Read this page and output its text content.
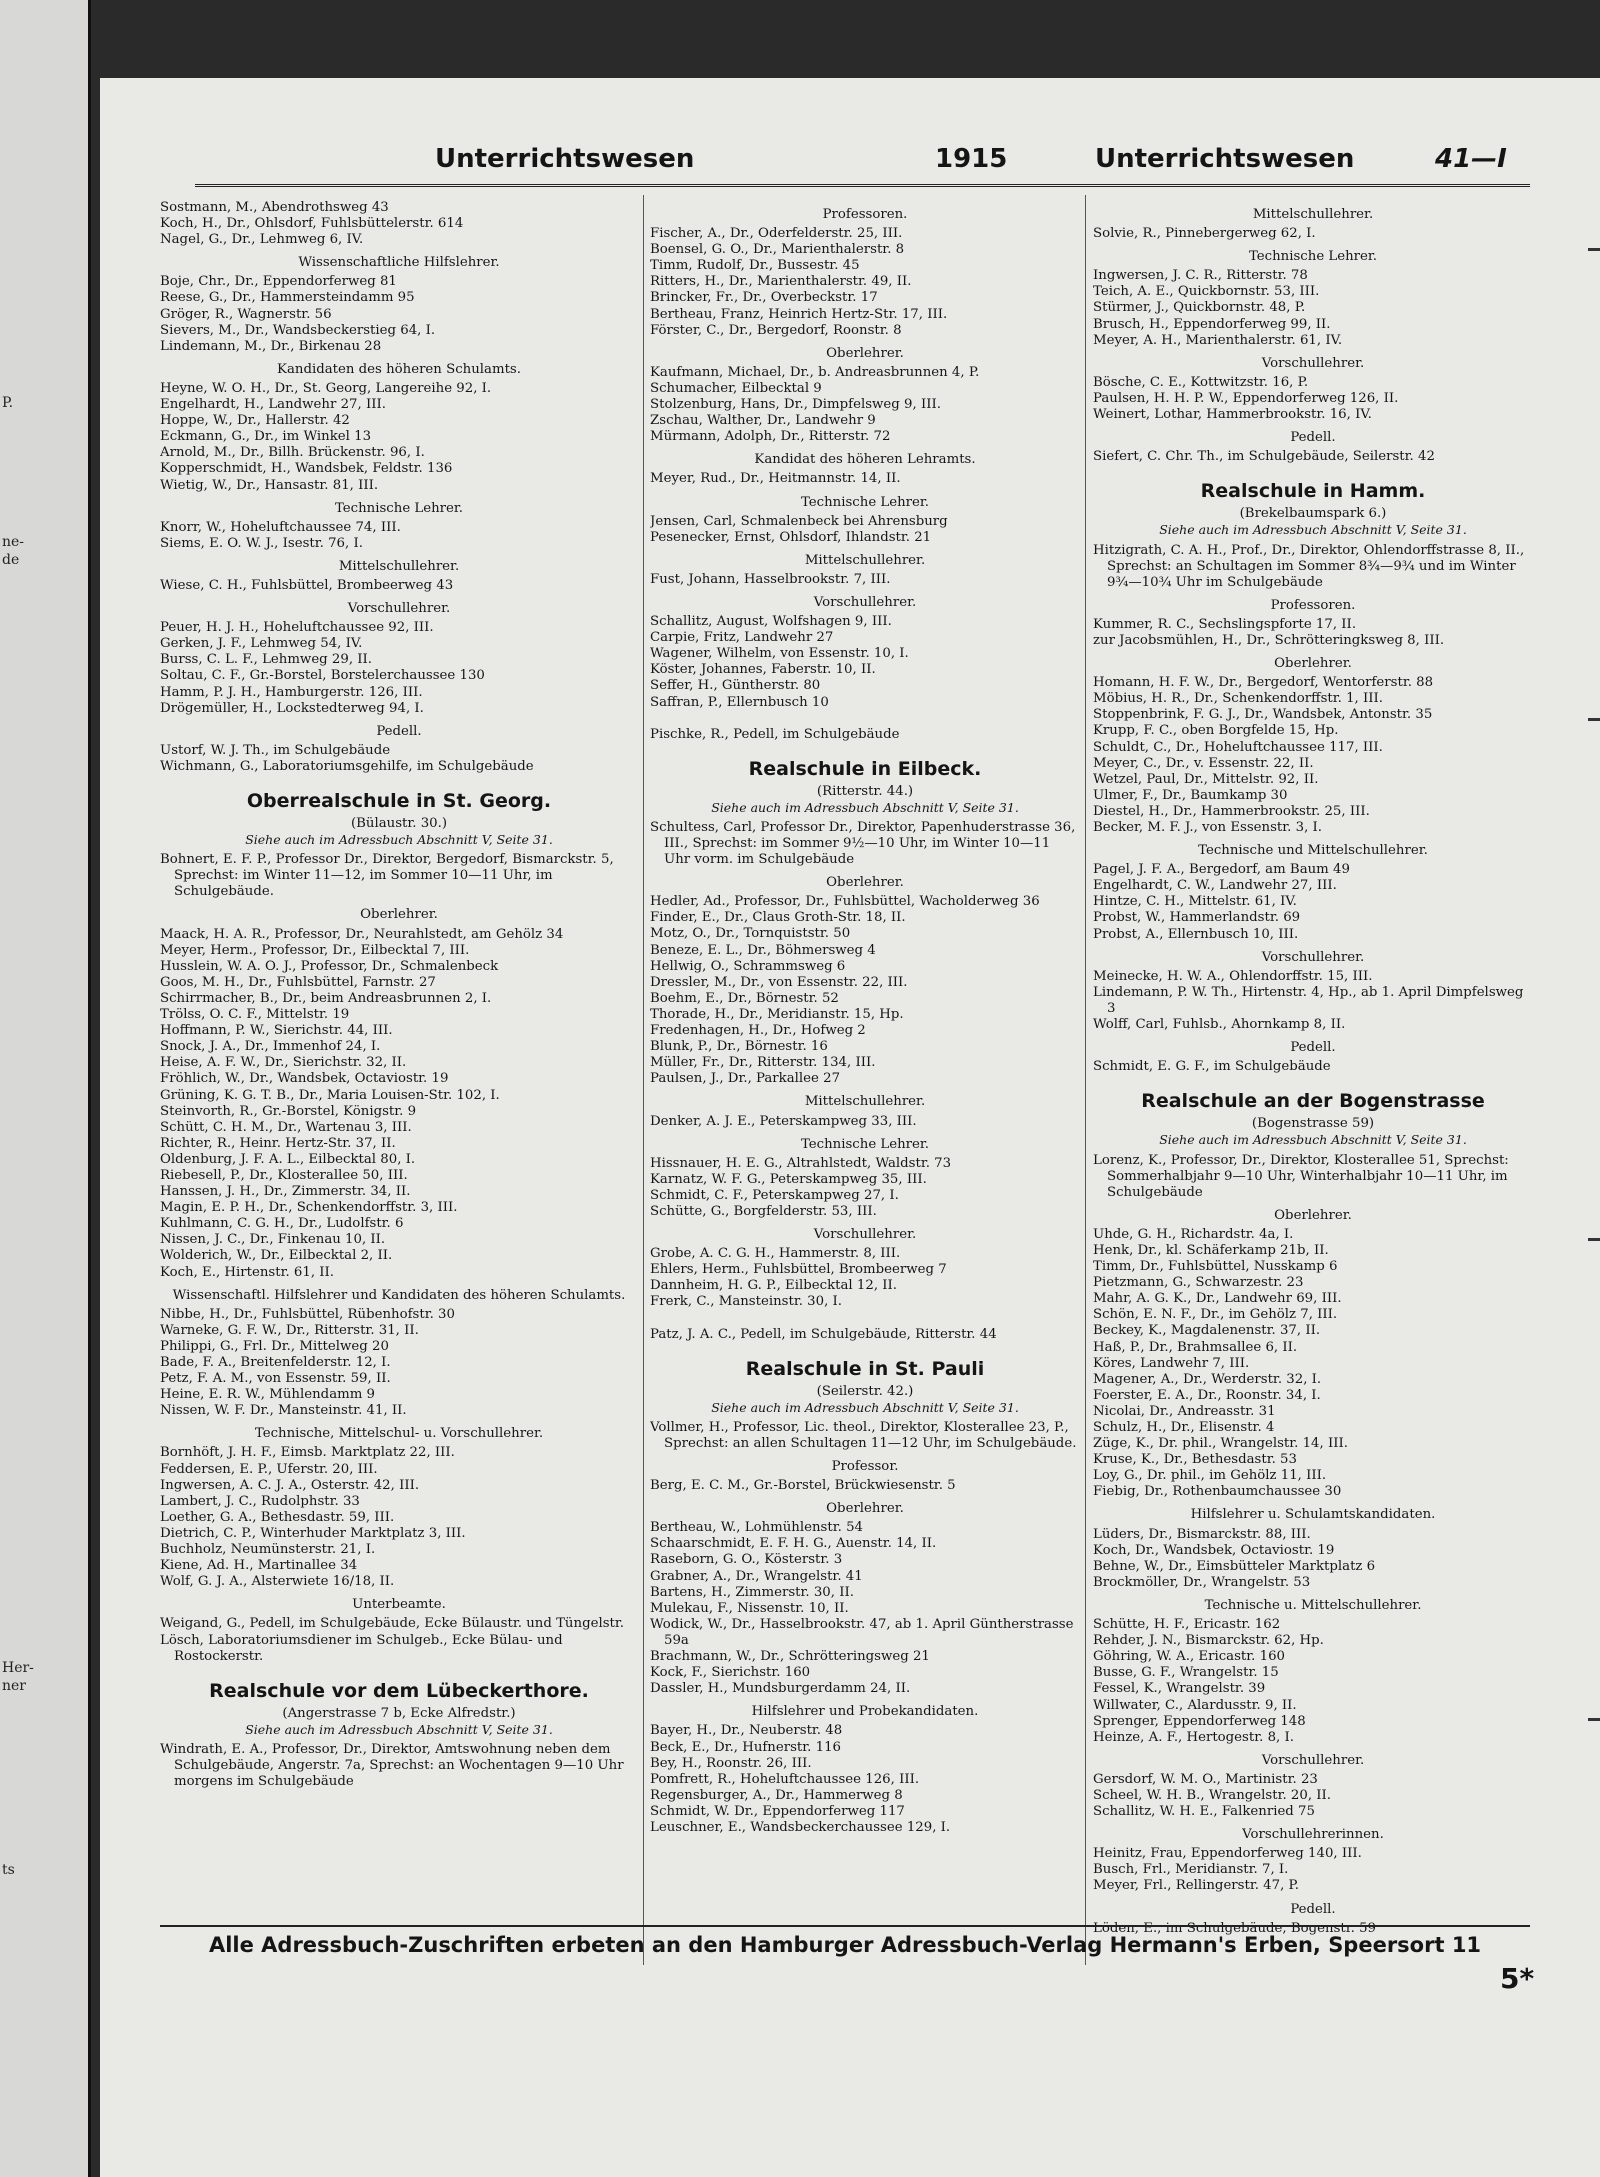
P.
ne-
de
Her-
ner
ts
Unterrichtswesen	1915	Unterrichtswesen	41—I
Sostmann, M., Abendrothsweg 43
Koch, H., Dr., Ohlsdorf, Fuhlsbüttelerstr. 614
Nagel, G., Dr., Lehmweg 6, IV.
Wissenschaftliche Hilfslehrer.
Boje, Chr., Dr., Eppendorferweg 81
Reese, G., Dr., Hammersteindamm 95
Gröger, R., Wagnerstr. 56
Sievers, M., Dr., Wandsbeckerstieg 64, I.
Lindemann, M., Dr., Birkenau 28
Kandidaten des höheren Schulamts.
Heyne, W. O. H., Dr., St. Georg, Langereihe 92, I.
Engelhardt, H., Landwehr 27, III.
Hoppe, W., Dr., Hallerstr. 42
Eckmann, G., Dr., im Winkel 13
Arnold, M., Dr., Billh. Brückenstr. 96, I.
Kopperschmidt, H., Wandsbek, Feldstr. 136
Wietig, W., Dr., Hansastr. 81, III.
Technische Lehrer.
Knorr, W., Hoheluftchaussee 74, III.
Siems, E. O. W. J., Isestr. 76, I.
Mittelschullehrer.
Wiese, C. H., Fuhlsbüttel, Brombeerweg 43
Vorschullehrer.
Peuer, H. J. H., Hoheluftchaussee 92, III.
Gerken, J. F., Lehmweg 54, IV.
Burss, C. L. F., Lehmweg 29, II.
Soltau, C. F., Gr.-Borstel, Borstelerchaussee 130
Hamm, P. J. H., Hamburgerstr. 126, III.
Drögemüller, H., Lockstedterweg 94, I.
Pedell.
Ustorf, W. J. Th., im Schulgebäude
Wichmann, G., Laboratoriumsgehilfe, im Schulgebäude
Oberrealschule in St. Georg.
(Bülaustr. 30.)
Siehe auch im Adressbuch Abschnitt V, Seite 31.
Bohnert, E. F. P., Professor Dr., Direktor, Bergedorf, Bismarckstr. 5, Sprechst: im Winter 11—12, im Sommer 10—11 Uhr, im Schulgebäude.
Oberlehrer.
Maack, H. A. R., Professor, Dr., Neurahlstedt, am Gehölz 34
Meyer, Herm., Professor, Dr., Eilbecktal 7, III.
Husslein, W. A. O. J., Professor, Dr., Schmalenbeck
Goos, M. H., Dr., Fuhlsbüttel, Farnstr. 27
Schirrmacher, B., Dr., beim Andreasbrunnen 2, I.
Trölss, O. C. F., Mittelstr. 19
Hoffmann, P. W., Sierichstr. 44, III.
Snock, J. A., Dr., Immenhof 24, I.
Heise, A. F. W., Dr., Sierichstr. 32, II.
Fröhlich, W., Dr., Wandsbek, Octaviostr. 19
Grüning, K. G. T. B., Dr., Maria Louisen-Str. 102, I.
Steinvorth, R., Gr.-Borstel, Königstr. 9
Schütt, C. H. M., Dr., Wartenau 3, III.
Richter, R., Heinr. Hertz-Str. 37, II.
Oldenburg, J. F. A. L., Eilbecktal 80, I.
Riebesell, P., Dr., Klosterallee 50, III.
Hanssen, J. H., Dr., Zimmerstr. 34, II.
Magin, E. P. H., Dr., Schenkendorffstr. 3, III.
Kuhlmann, C. G. H., Dr., Ludolfstr. 6
Nissen, J. C., Dr., Finkenau 10, II.
Wolderich, W., Dr., Eilbecktal 2, II.
Koch, E., Hirtenstr. 61, II.
Wissenschaftl. Hilfslehrer und Kandidaten des höheren Schulamts.
Nibbe, H., Dr., Fuhlsbüttel, Rübenhofstr. 30
Warneke, G. F. W., Dr., Ritterstr. 31, II.
Philippi, G., Frl. Dr., Mittelweg 20
Bade, F. A., Breitenfelderstr. 12, I.
Petz, F. A. M., von Essenstr. 59, II.
Heine, E. R. W., Mühlendamm 9
Nissen, W. F. Dr., Mansteinstr. 41, II.
Technische, Mittelschul- u. Vorschullehrer.
Bornhöft, J. H. F., Eimsb. Marktplatz 22, III.
Feddersen, E. P., Uferstr. 20, III.
Ingwersen, A. C. J. A., Osterstr. 42, III.
Lambert, J. C., Rudolphstr. 33
Loether, G. A., Bethesdastr. 59, III.
Dietrich, C. P., Winterhuder Marktplatz 3, III.
Buchholz, Neumünsterstr. 21, I.
Kiene, Ad. H., Martinallee 34
Wolf, G. J. A., Alsterwiete 16/18, II.
Unterbeamte.
Weigand, G., Pedell, im Schulgebäude, Ecke Bülaustr. und Tüngelstr.
Lösch, Laboratoriumsdiener im Schulgeb., Ecke Bülau- und Rostockerstr.
Realschule vor dem Lübeckerthore.
(Angerstrasse 7 b, Ecke Alfredstr.)
Siehe auch im Adressbuch Abschnitt V, Seite 31.
Windrath, E. A., Professor, Dr., Direktor, Amtswohnung neben dem Schulgebäude, Angerstr. 7a, Sprechst: an Wochentagen 9—10 Uhr morgens im Schulgebäude
Professoren.
Fischer, A., Dr., Oderfelderstr. 25, III.
Boensel, G. O., Dr., Marienthalerstr. 8
Timm, Rudolf, Dr., Bussestr. 45
Ritters, H., Dr., Marienthalerstr. 49, II.
Brincker, Fr., Dr., Overbeckstr. 17
Bertheau, Franz, Heinrich Hertz-Str. 17, III.
Förster, C., Dr., Bergedorf, Roonstr. 8
Oberlehrer.
Kaufmann, Michael, Dr., b. Andreasbrunnen 4, P.
Schumacher, Eilbecktal 9
Stolzenburg, Hans, Dr., Dimpfelsweg 9, III.
Zschau, Walther, Dr., Landwehr 9
Mürmann, Adolph, Dr., Ritterstr. 72
Kandidat des höheren Lehramts.
Meyer, Rud., Dr., Heitmannstr. 14, II.
Technische Lehrer.
Jensen, Carl, Schmalenbeck bei Ahrensburg
Pesenecker, Ernst, Ohlsdorf, Ihlandstr. 21
Mittelschullehrer.
Fust, Johann, Hasselbrookstr. 7, III.
Vorschullehrer.
Schallitz, August, Wolfshagen 9, III.
Carpie, Fritz, Landwehr 27
Wagener, Wilhelm, von Essenstr. 10, I.
Köster, Johannes, Faberstr. 10, II.
Seffer, H., Güntherstr. 80
Saffran, P., Ellernbusch 10
Pischke, R., Pedell, im Schulgebäude
Realschule in Eilbeck.
(Ritterstr. 44.)
Siehe auch im Adressbuch Abschnitt V, Seite 31.
Schultess, Carl, Professor Dr., Direktor, Papenhuderstrasse 36, III., Sprechst: im Sommer 9½—10 Uhr, im Winter 10—11 Uhr vorm. im Schulgebäude
Oberlehrer.
Hedler, Ad., Professor, Dr., Fuhlsbüttel, Wacholderweg 36
Finder, E., Dr., Claus Groth-Str. 18, II.
Motz, O., Dr., Tornquiststr. 50
Beneze, E. L., Dr., Böhmersweg 4
Hellwig, O., Schrammsweg 6
Dressler, M., Dr., von Essenstr. 22, III.
Boehm, E., Dr., Börnestr. 52
Thorade, H., Dr., Meridianstr. 15, Hp.
Fredenhagen, H., Dr., Hofweg 2
Blunk, P., Dr., Börnestr. 16
Müller, Fr., Dr., Ritterstr. 134, III.
Paulsen, J., Dr., Parkallee 27
Mittelschullehrer.
Denker, A. J. E., Peterskampweg 33, III.
Technische Lehrer.
Hissnauer, H. E. G., Altrahlstedt, Waldstr. 73
Karnatz, W. F. G., Peterskampweg 35, III.
Schmidt, C. F., Peterskampweg 27, I.
Schütte, G., Borgfelderstr. 53, III.
Vorschullehrer.
Grobe, A. C. G. H., Hammerstr. 8, III.
Ehlers, Herm., Fuhlsbüttel, Brombeerweg 7
Dannheim, H. G. P., Eilbecktal 12, II.
Frerk, C., Mansteinstr. 30, I.
Patz, J. A. C., Pedell, im Schulgebäude, Ritterstr. 44
Realschule in St. Pauli
(Seilerstr. 42.)
Siehe auch im Adressbuch Abschnitt V, Seite 31.
Vollmer, H., Professor, Lic. theol., Direktor, Klosterallee 23, P., Sprechst: an allen Schultagen 11—12 Uhr, im Schulgebäude.
Professor.
Berg, E. C. M., Gr.-Borstel, Brückwiesenstr. 5
Oberlehrer.
Bertheau, W., Lohmühlenstr. 54
Schaarschmidt, E. F. H. G., Auenstr. 14, II.
Raseborn, G. O., Kösterstr. 3
Grabner, A., Dr., Wrangelstr. 41
Bartens, H., Zimmerstr. 30, II.
Mulekau, F., Nissenstr. 10, II.
Wodick, W., Dr., Hasselbrookstr. 47, ab 1. April Güntherstrasse 59a
Brachmann, W., Dr., Schrötteringsweg 21
Kock, F., Sierichstr. 160
Dassler, H., Mundsburgerdamm 24, II.
Hilfslehrer und Probekandidaten.
Bayer, H., Dr., Neuberstr. 48
Beck, E., Dr., Hufnerstr. 116
Bey, H., Roonstr. 26, III.
Pomfrett, R., Hoheluftchaussee 126, III.
Regensburger, A., Dr., Hammerweg 8
Schmidt, W. Dr., Eppendorferweg 117
Leuschner, E., Wandsbeckerchaussee 129, I.
Mittelschullehrer.
Solvie, R., Pinnebergerweg 62, I.
Technische Lehrer.
Ingwersen, J. C. R., Ritterstr. 78
Teich, A. E., Quickbornstr. 53, III.
Stürmer, J., Quickbornstr. 48, P.
Brusch, H., Eppendorferweg 99, II.
Meyer, A. H., Marienthalerstr. 61, IV.
Vorschullehrer.
Bösche, C. E., Kottwitzstr. 16, P.
Paulsen, H. H. P. W., Eppendorferweg 126, II.
Weinert, Lothar, Hammerbrookstr. 16, IV.
Pedell.
Siefert, C. Chr. Th., im Schulgebäude, Seilerstr. 42
Realschule in Hamm.
(Brekelbaumspark 6.)
Siehe auch im Adressbuch Abschnitt V, Seite 31.
Hitzigrath, C. A. H., Prof., Dr., Direktor, Ohlendorffstrasse 8, II., Sprechst: an Schultagen im Sommer 8¾—9¾ und im Winter 9¾—10¾ Uhr im Schulgebäude
Professoren.
Kummer, R. C., Sechslingspforte 17, II.
zur Jacobsmühlen, H., Dr., Schrötteringksweg 8, III.
Oberlehrer.
Homann, H. F. W., Dr., Bergedorf, Wentorferstr. 88
Möbius, H. R., Dr., Schenkendorffstr. 1, III.
Stoppenbrink, F. G. J., Dr., Wandsbek, Antonstr. 35
Krupp, F. C., oben Borgfelde 15, Hp.
Schuldt, C., Dr., Hoheluftchaussee 117, III.
Meyer, C., Dr., v. Essenstr. 22, II.
Wetzel, Paul, Dr., Mittelstr. 92, II.
Ulmer, F., Dr., Baumkamp 30
Diestel, H., Dr., Hammerbrookstr. 25, III.
Becker, M. F. J., von Essenstr. 3, I.
Technische und Mittelschullehrer.
Pagel, J. F. A., Bergedorf, am Baum 49
Engelhardt, C. W., Landwehr 27, III.
Hintze, C. H., Mittelstr. 61, IV.
Probst, W., Hammerlandstr. 69
Probst, A., Ellernbusch 10, III.
Vorschullehrer.
Meinecke, H. W. A., Ohlendorffstr. 15, III.
Lindemann, P. W. Th., Hirtenstr. 4, Hp., ab 1. April Dimpfelsweg 3
Wolff, Carl, Fuhlsb., Ahornkamp 8, II.
Pedell.
Schmidt, E. G. F., im Schulgebäude
Realschule an der Bogenstrasse
(Bogenstrasse 59)
Siehe auch im Adressbuch Abschnitt V, Seite 31.
Lorenz, K., Professor, Dr., Direktor, Klosterallee 51, Sprechst: Sommerhalbjahr 9—10 Uhr, Winterhalbjahr 10—11 Uhr, im Schulgebäude
Oberlehrer.
Uhde, G. H., Richardstr. 4a, I.
Henk, Dr., kl. Schäferkamp 21b, II.
Timm, Dr., Fuhlsbüttel, Nusskamp 6
Pietzmann, G., Schwarzestr. 23
Mahr, A. G. K., Dr., Landwehr 69, III.
Schön, E. N. F., Dr., im Gehölz 7, III.
Beckey, K., Magdalenenstr. 37, II.
Haß, P., Dr., Brahmsallee 6, II.
Köres, Landwehr 7, III.
Magener, A., Dr., Werderstr. 32, I.
Foerster, E. A., Dr., Roonstr. 34, I.
Nicolai, Dr., Andreasstr. 31
Schulz, H., Dr., Elisenstr. 4
Züge, K., Dr. phil., Wrangelstr. 14, III.
Kruse, K., Dr., Bethesdastr. 53
Loy, G., Dr. phil., im Gehölz 11, III.
Fiebig, Dr., Rothenbaumchaussee 30
Hilfslehrer u. Schulamtskandidaten.
Lüders, Dr., Bismarckstr. 88, III.
Koch, Dr., Wandsbek, Octaviostr. 19
Behne, W., Dr., Eimsbütteler Marktplatz 6
Brockmöller, Dr., Wrangelstr. 53
Technische u. Mittelschullehrer.
Schütte, H. F., Ericastr. 162
Rehder, J. N., Bismarckstr. 62, Hp.
Göhring, W. A., Ericastr. 160
Busse, G. F., Wrangelstr. 15
Fessel, K., Wrangelstr. 39
Willwater, C., Alardusstr. 9, II.
Sprenger, Eppendorferweg 148
Heinze, A. F., Hertogestr. 8, I.
Vorschullehrer.
Gersdorf, W. M. O., Martinistr. 23
Scheel, W. H. B., Wrangelstr. 20, II.
Schallitz, W. H. E., Falkenried 75
Vorschullehrerinnen.
Heinitz, Frau, Eppendorferweg 140, III.
Busch, Frl., Meridianstr. 7, I.
Meyer, Frl., Rellingerstr. 47, P.
Pedell.
Löden, E., im Schulgebäude, Bogenstr. 59
Alle Adressbuch-Zuschriften erbeten an den Hamburger Adressbuch-Verlag Hermann's Erben, Speersort 11
5*
